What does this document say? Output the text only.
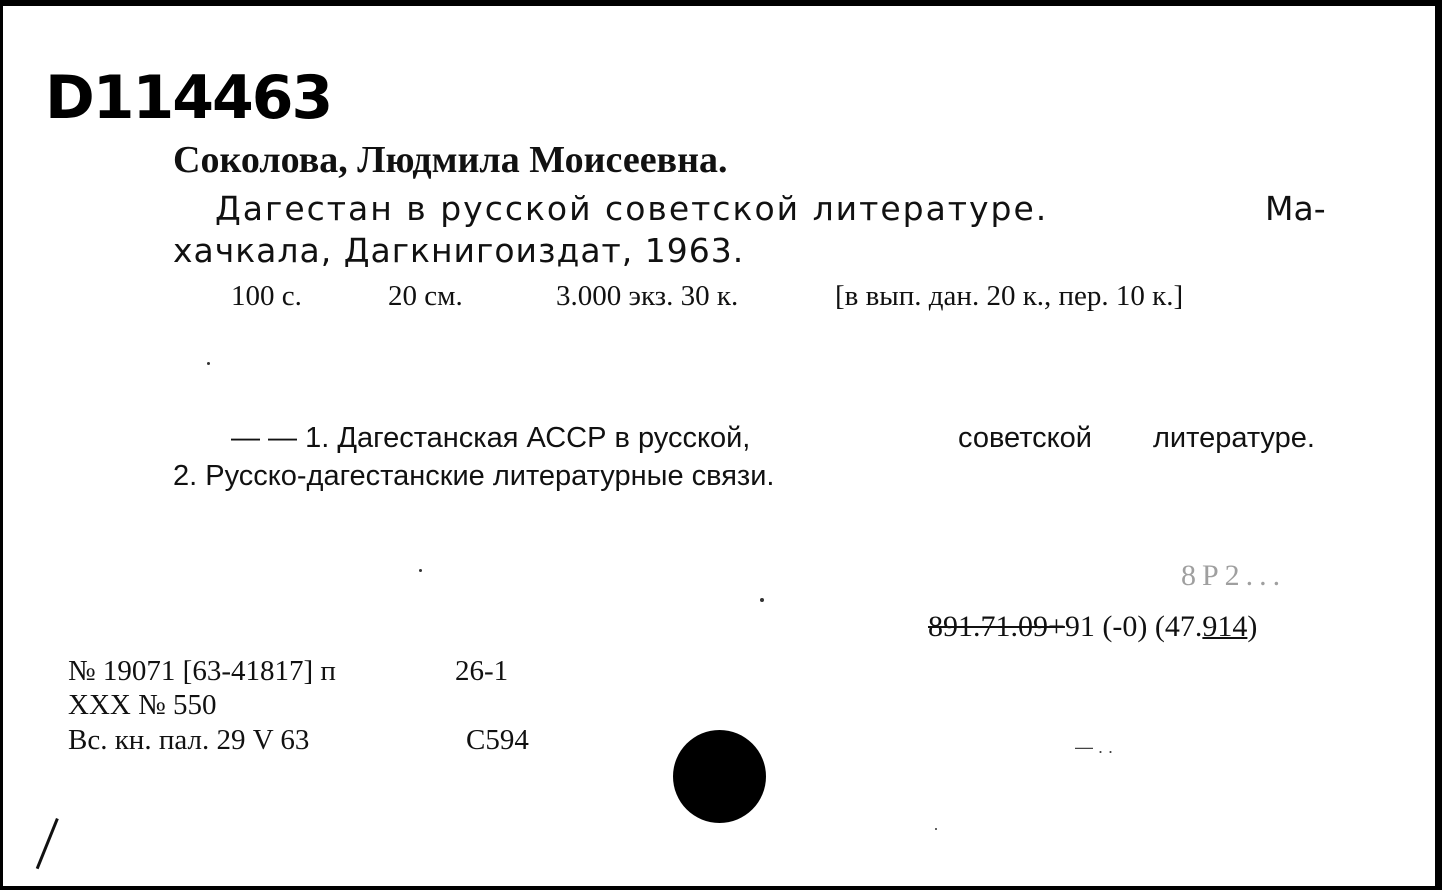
D114463
Соколова, Людмила Моисеевна.
Дагестан в русской советской литературе.	Ма-
хачкала, Дагкнигоиздат, 1963.
100 с.	20 см.	3.000 экз. 30 к.	[в вып. дан. 20 к., пер. 10 к.]
— — 1. Дагестанская АССР в русской,	советской литературе.
2. Русско-дагестанские литературные связи.
8Р2...
891.71.09+91 (-0) (47.914)
№ 19071 [63-41817] п	26-1
XXX № 550
Вс. кн. пал. 29 V 63	С594	— . .
